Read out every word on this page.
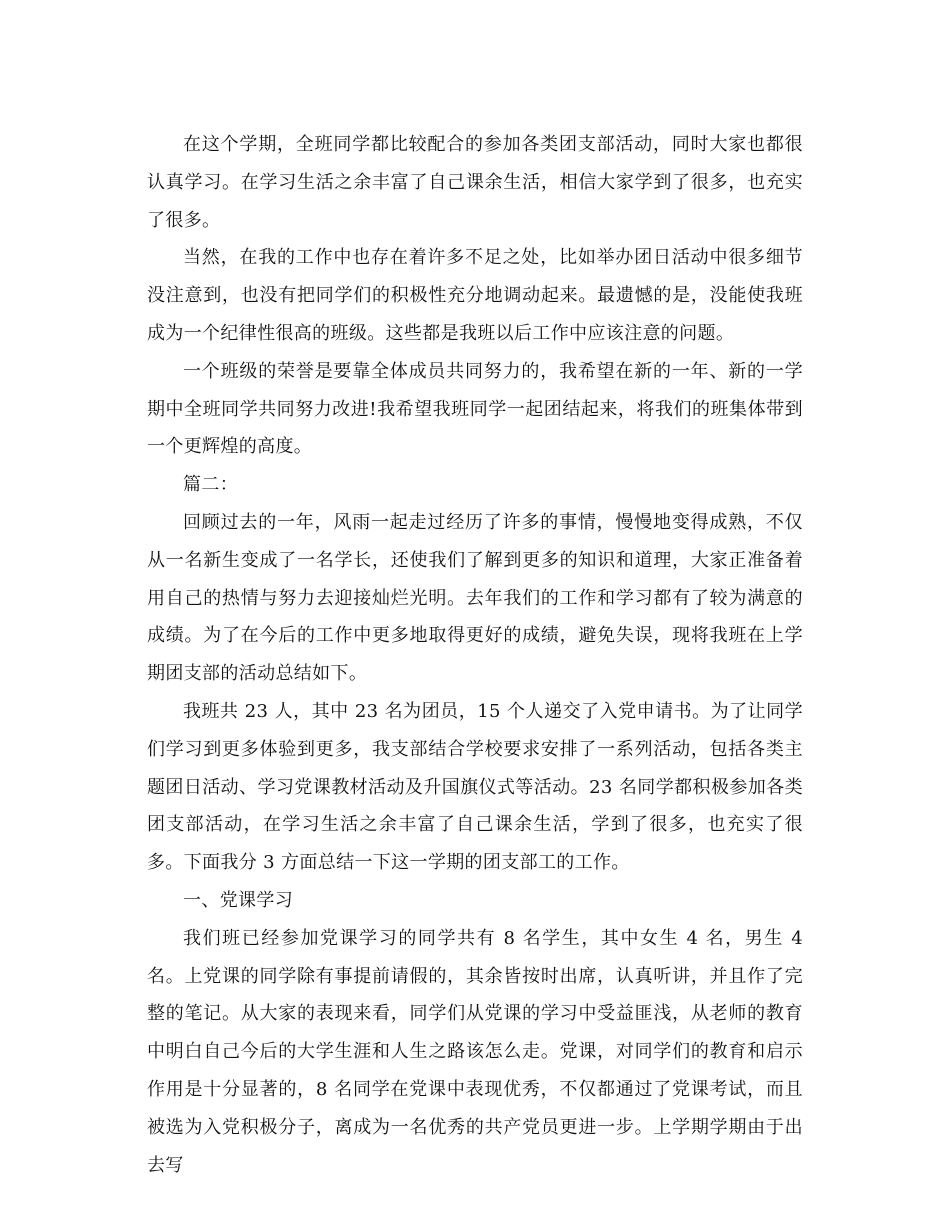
在这个学期，全班同学都比较配合的参加各类团支部活动，同时大家也都很认真学习。在学习生活之余丰富了自己课余生活，相信大家学到了很多，也充实了很多。

当然，在我的工作中也存在着许多不足之处，比如举办团日活动中很多细节没注意到，也没有把同学们的积极性充分地调动起来。最遗憾的是，没能使我班成为一个纪律性很高的班级。这些都是我班以后工作中应该注意的问题。

一个班级的荣誉是要靠全体成员共同努力的，我希望在新的一年、新的一学期中全班同学共同努力改进!我希望我班同学一起团结起来，将我们的班集体带到一个更辉煌的高度。

篇二：

回顾过去的一年，风雨一起走过经历了许多的事情，慢慢地变得成熟，不仅从一名新生变成了一名学长，还使我们了解到更多的知识和道理，大家正准备着用自己的热情与努力去迎接灿烂光明。去年我们的工作和学习都有了较为满意的成绩。为了在今后的工作中更多地取得更好的成绩，避免失误，现将我班在上学期团支部的活动总结如下。

我班共 23 人，其中 23 名为团员，15 个人递交了入党申请书。为了让同学们学习到更多体验到更多，我支部结合学校要求安排了一系列活动，包括各类主题团日活动、学习党课教材活动及升国旗仪式等活动。23 名同学都积极参加各类团支部活动，在学习生活之余丰富了自己课余生活，学到了很多，也充实了很多。下面我分 3 方面总结一下这一学期的团支部工的工作。

一、党课学习

我们班已经参加党课学习的同学共有 8 名学生，其中女生 4 名，男生 4 名。上党课的同学除有事提前请假的，其余皆按时出席，认真听讲，并且作了完整的笔记。从大家的表现来看，同学们从党课的学习中受益匪浅，从老师的教育中明白自己今后的大学生涯和人生之路该怎么走。党课，对同学们的教育和启示作用是十分显著的，8 名同学在党课中表现优秀，不仅都通过了党课考试，而且被选为入党积极分子，离成为一名优秀的共产党员更进一步。上学期学期由于出去写
